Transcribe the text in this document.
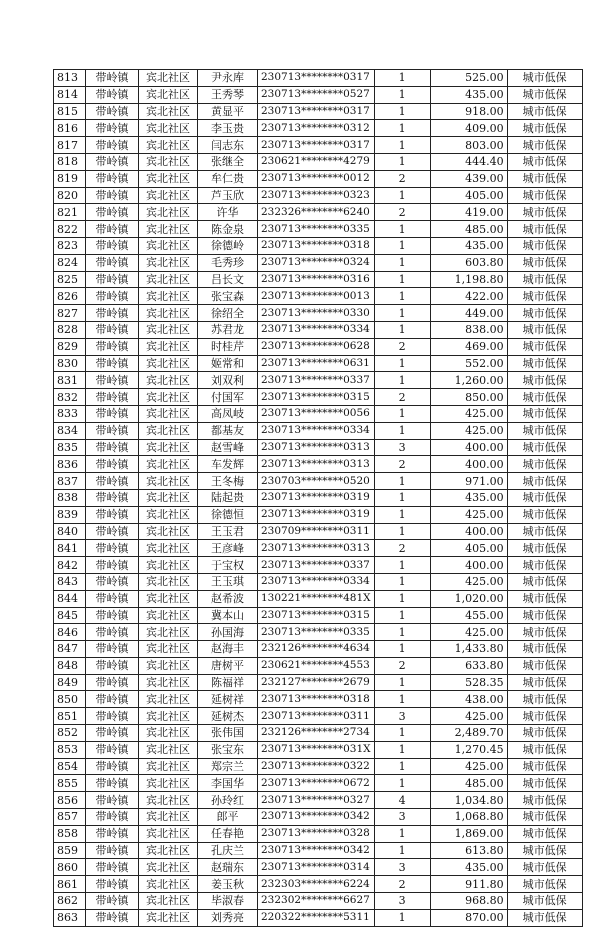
813	带岭镇	宾北社区	尹永库	230713********0317	1	525.00	城市低保
814	带岭镇	宾北社区	王秀琴	230713********0527	1	435.00	城市低保
815	带岭镇	宾北社区	黄显平	230713********0317	1	918.00	城市低保
816	带岭镇	宾北社区	李玉贵	230713********0312	1	409.00	城市低保
817	带岭镇	宾北社区	闫志东	230713********0317	1	803.00	城市低保
818	带岭镇	宾北社区	张继全	230621********4279	1	444.40	城市低保
819	带岭镇	宾北社区	牟仁贵	230713********0012	2	439.00	城市低保
820	带岭镇	宾北社区	芦玉欣	230713********0323	1	405.00	城市低保
821	带岭镇	宾北社区	许华	232326********6240	2	419.00	城市低保
822	带岭镇	宾北社区	陈金泉	230713********0335	1	485.00	城市低保
823	带岭镇	宾北社区	徐德岭	230713********0318	1	435.00	城市低保
824	带岭镇	宾北社区	毛秀珍	230713********0324	1	603.80	城市低保
825	带岭镇	宾北社区	吕长文	230713********0316	1	1,198.80	城市低保
826	带岭镇	宾北社区	张宝森	230713********0013	1	422.00	城市低保
827	带岭镇	宾北社区	徐绍全	230713********0330	1	449.00	城市低保
828	带岭镇	宾北社区	苏君龙	230713********0334	1	838.00	城市低保
829	带岭镇	宾北社区	时桂芹	230713********0628	2	469.00	城市低保
830	带岭镇	宾北社区	姬常和	230713********0631	1	552.00	城市低保
831	带岭镇	宾北社区	刘双利	230713********0337	1	1,260.00	城市低保
832	带岭镇	宾北社区	付国军	230713********0315	2	850.00	城市低保
833	带岭镇	宾北社区	高凤岐	230713********0056	1	425.00	城市低保
834	带岭镇	宾北社区	都基友	230713********0334	1	425.00	城市低保
835	带岭镇	宾北社区	赵雪峰	230713********0313	3	400.00	城市低保
836	带岭镇	宾北社区	车发辉	230713********0313	2	400.00	城市低保
837	带岭镇	宾北社区	王冬梅	230703********0520	1	971.00	城市低保
838	带岭镇	宾北社区	陆起贵	230713********0319	1	435.00	城市低保
839	带岭镇	宾北社区	徐德恒	230713********0319	1	425.00	城市低保
840	带岭镇	宾北社区	王玉君	230709********0311	1	400.00	城市低保
841	带岭镇	宾北社区	王彦峰	230713********0313	2	405.00	城市低保
842	带岭镇	宾北社区	于宝权	230713********0337	1	400.00	城市低保
843	带岭镇	宾北社区	王玉琪	230713********0334	1	425.00	城市低保
844	带岭镇	宾北社区	赵希波	130221********481X	1	1,020.00	城市低保
845	带岭镇	宾北社区	冀本山	230713********0315	1	455.00	城市低保
846	带岭镇	宾北社区	孙国海	230713********0335	1	425.00	城市低保
847	带岭镇	宾北社区	赵海丰	232126********4634	1	1,433.80	城市低保
848	带岭镇	宾北社区	唐树平	230621********4553	2	633.80	城市低保
849	带岭镇	宾北社区	陈福祥	232127********2679	1	528.35	城市低保
850	带岭镇	宾北社区	延树祥	230713********0318	1	438.00	城市低保
851	带岭镇	宾北社区	延树杰	230713********0311	3	425.00	城市低保
852	带岭镇	宾北社区	张伟国	232126********2734	1	2,489.70	城市低保
853	带岭镇	宾北社区	张宝东	230713********031X	1	1,270.45	城市低保
854	带岭镇	宾北社区	郑宗兰	230713********0322	1	425.00	城市低保
855	带岭镇	宾北社区	李国华	230713********0672	1	485.00	城市低保
856	带岭镇	宾北社区	孙玲红	230713********0327	4	1,034.80	城市低保
857	带岭镇	宾北社区	郎平	230713********0342	3	1,068.80	城市低保
858	带岭镇	宾北社区	任春艳	230713********0328	1	1,869.00	城市低保
859	带岭镇	宾北社区	孔庆兰	230713********0342	1	613.80	城市低保
860	带岭镇	宾北社区	赵瑞东	230713********0314	3	435.00	城市低保
861	带岭镇	宾北社区	姜玉秋	232303********6224	2	911.80	城市低保
862	带岭镇	宾北社区	毕淑春	232302********6627	3	968.80	城市低保
863	带岭镇	宾北社区	刘秀亮	220322********5311	1	870.00	城市低保
